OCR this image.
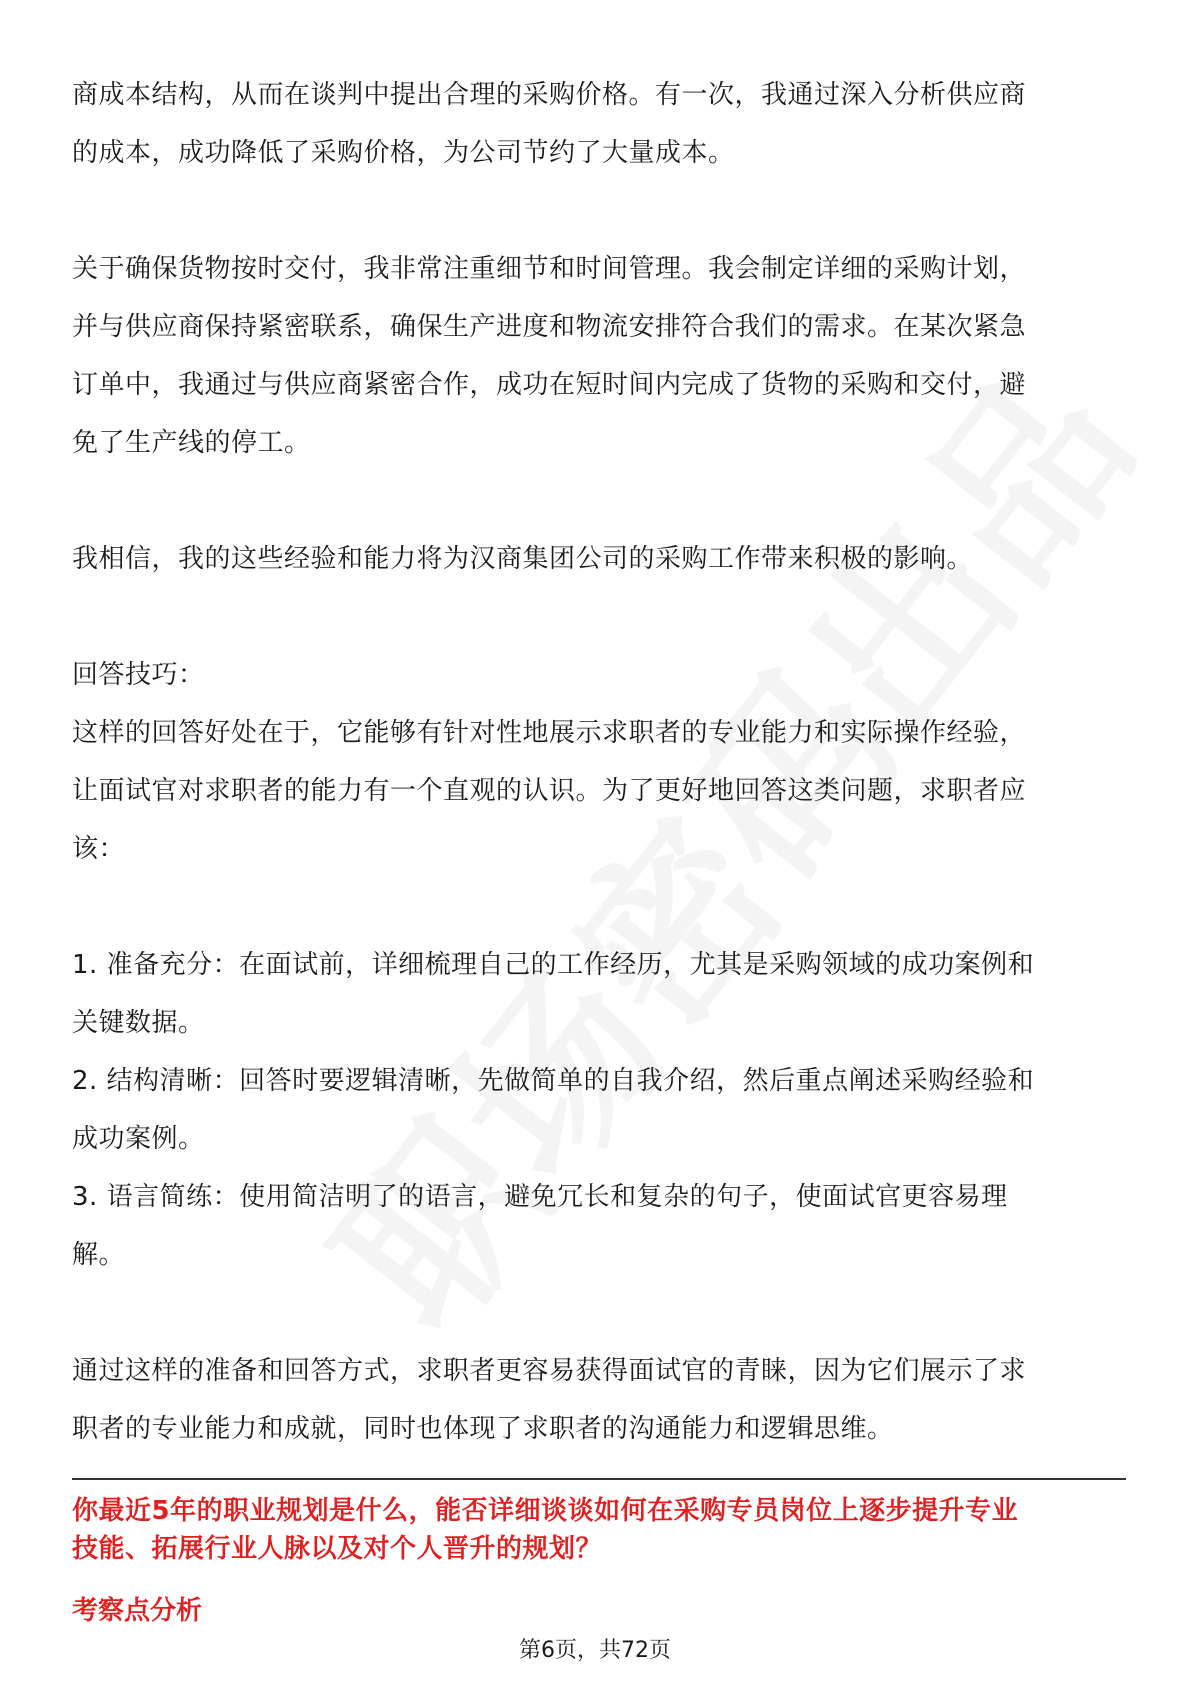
商成本结构，从而在谈判中提出合理的采购价格。有一次，我通过深入分析供应商

的成本，成功降低了采购价格，为公司节约了大量成本。

关于确保货物按时交付，我非常注重细节和时间管理。我会制定详细的采购计划，

并与供应商保持紧密联系，确保生产进度和物流安排符合我们的需求。在某次紧急

订单中，我通过与供应商紧密合作，成功在短时间内完成了货物的采购和交付，避

免了生产线的停工。

我相信，我的这些经验和能力将为汉商集团公司的采购工作带来积极的影响。

回答技巧：

这样的回答好处在于，它能够有针对性地展示求职者的专业能力和实际操作经验，

让面试官对求职者的能力有一个直观的认识。为了更好地回答这类问题，求职者应

该：

1. 准备充分：在面试前，详细梳理自己的工作经历，尤其是采购领域的成功案例和

关键数据。

2. 结构清晰：回答时要逻辑清晰，先做简单的自我介绍，然后重点阐述采购经验和

成功案例。

3. 语言简练：使用简洁明了的语言，避免冗长和复杂的句子，使面试官更容易理

解。

通过这样的准备和回答方式，求职者更容易获得面试官的青睐，因为它们展示了求

职者的专业能力和成就，同时也体现了求职者的沟通能力和逻辑思维。

你最近5年的职业规划是什么，能否详细谈谈如何在采购专员岗位上逐步提升专业
技能、拓展行业人脉以及对个人晋升的规划？
考察点分析
第6页，共72页
